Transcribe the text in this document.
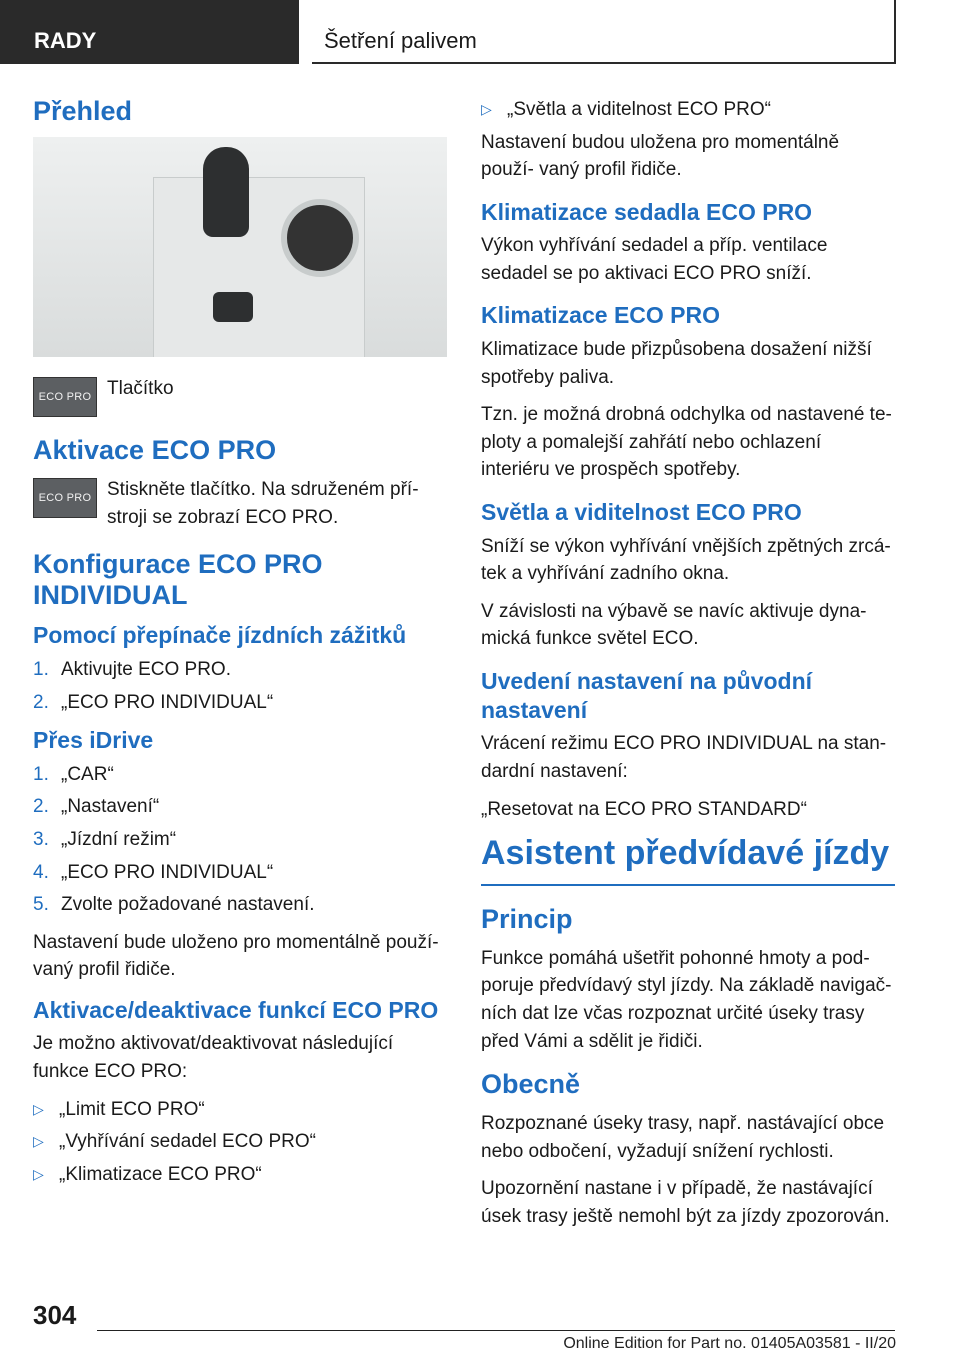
RADY	Šetření palivem
Přehled
ECO PRO Tlačítko
Aktivace ECO PRO
ECO PRO Stiskněte tlačítko. Na sdruženém pří- stroji se zobrazí ECO PRO.
Konfigurace ECO PRO INDIVIDUAL
Pomocí přepínače jízdních zážitků
1. Aktivujte ECO PRO.
2. „ECO PRO INDIVIDUAL“
Přes iDrive
1. „CAR“
2. „Nastavení“
3. „Jízdní režim“
4. „ECO PRO INDIVIDUAL“
5. Zvolte požadované nastavení.

Nastavení bude uloženo pro momentálně použí- vaný profil řidiče.

Aktivace/deaktivace funkcí ECO PRO

Je možno aktivovat/deaktivovat následující funkce ECO PRO:

▷ „Limit ECO PRO“
▷ „Vyhřívání sedadel ECO PRO“
▷ „Klimatizace ECO PRO“
▷ „Světla a viditelnost ECO PRO“

Nastavení budou uložena pro momentálně použí- vaný profil řidiče.

Klimatizace sedadla ECO PRO

Výkon vyhřívání sedadel a příp. ventilace sedadel se po aktivaci ECO PRO sníží.

Klimatizace ECO PRO

Klimatizace bude přizpůsobena dosažení nižší spotřeby paliva.

Tzn. je možná drobná odchylka od nastavené te- ploty a pomalejší zahřátí nebo ochlazení interiéru ve prospěch spotřeby.

Světla a viditelnost ECO PRO

Sníží se výkon vyhřívání vnějších zpětných zrcá- tek a vyhřívání zadního okna.

V závislosti na výbavě se navíc aktivuje dyna- mická funkce světel ECO.

Uvedení nastavení na původní nastavení

Vrácení režimu ECO PRO INDIVIDUAL na stan- dardní nastavení:

„Resetovat na ECO PRO STANDARD“

Asistent předvídavé jízdy
Princip

Funkce pomáhá ušetřit pohonné hmoty a pod- poruje předvídavý styl jízdy. Na základě navigač- ních dat lze včas rozpoznat určité úseky trasy před Vámi a sdělit je řidiči.

Obecně

Rozpoznané úseky trasy, např. nastávající obce nebo odbočení, vyžadují snížení rychlosti.

Upozornění nastane i v případě, že nastávající úsek trasy ještě nemohl být za jízdy zpozorován.

304
Online Edition for Part no. 01405A03581 - II/20
